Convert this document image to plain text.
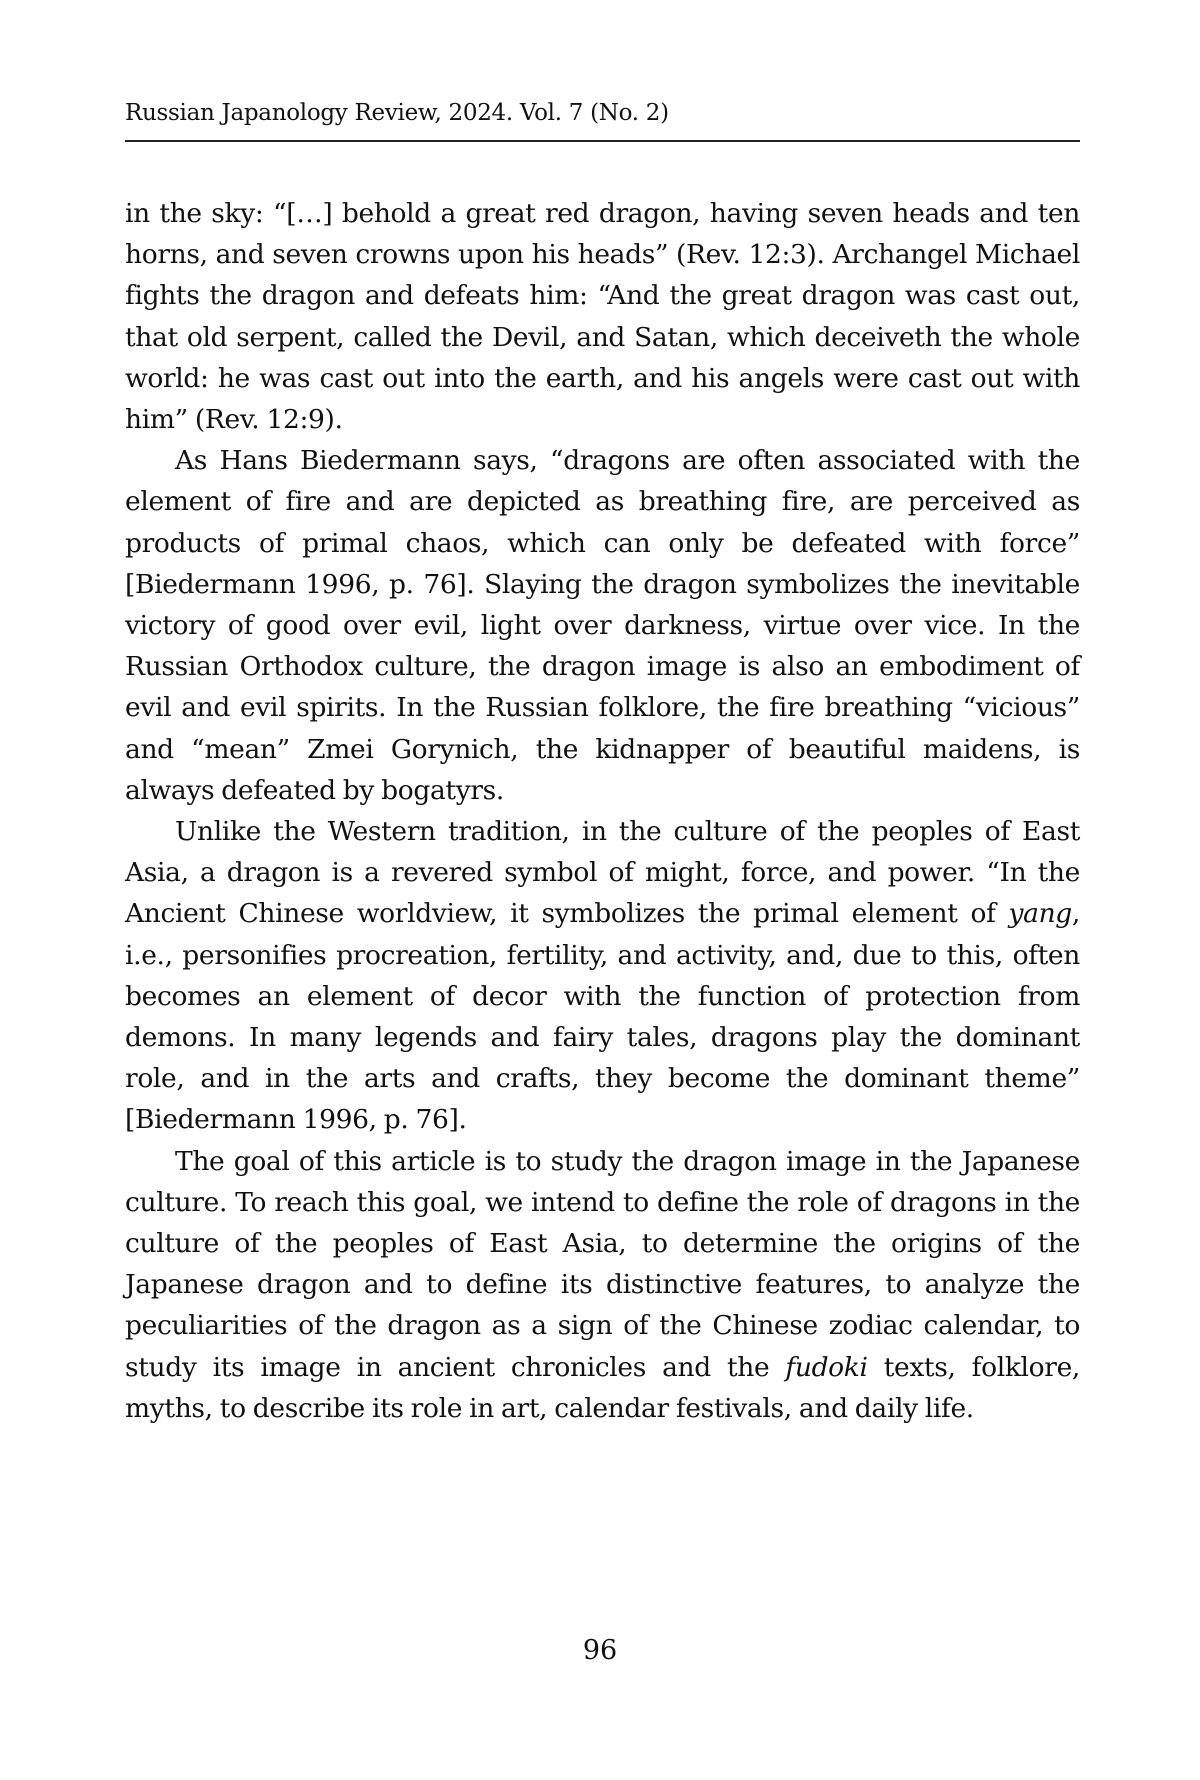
Russian Japanology Review, 2024. Vol. 7 (No. 2)

in the sky: “[…] behold a great red dragon, having seven heads and ten horns, and seven crowns upon his heads” (Rev. 12:3). Archangel Michael fights the dragon and defeats him: “And the great dragon was cast out, that old serpent, called the Devil, and Satan, which deceiveth the whole world: he was cast out into the earth, and his angels were cast out with him” (Rev. 12:9).

As Hans Biedermann says, “dragons are often associated with the element of fire and are depicted as breathing fire, are perceived as products of primal chaos, which can only be defeated with force” [Biedermann 1996, p. 76]. Slaying the dragon symbolizes the inevitable victory of good over evil, light over darkness, virtue over vice. In the Russian Orthodox culture, the dragon image is also an embodiment of evil and evil spirits. In the Russian folklore, the fire breathing “vicious” and “mean” Zmei Gorynich, the kidnapper of beautiful maidens, is always defeated by bogatyrs.

Unlike the Western tradition, in the culture of the peoples of East Asia, a dragon is a revered symbol of might, force, and power. “In the Ancient Chinese worldview, it symbolizes the primal element of yang, i.e., personifies procreation, fertility, and activity, and, due to this, often becomes an element of decor with the function of protection from demons. In many legends and fairy tales, dragons play the dominant role, and in the arts and crafts, they become the dominant theme” [Biedermann 1996, p. 76].

The goal of this article is to study the dragon image in the Japanese culture. To reach this goal, we intend to define the role of dragons in the culture of the peoples of East Asia, to determine the origins of the Japanese dragon and to define its distinctive features, to analyze the peculiarities of the dragon as a sign of the Chinese zodiac calendar, to study its image in ancient chronicles and the fudoki texts, folklore, myths, to describe its role in art, calendar festivals, and daily life.

96
